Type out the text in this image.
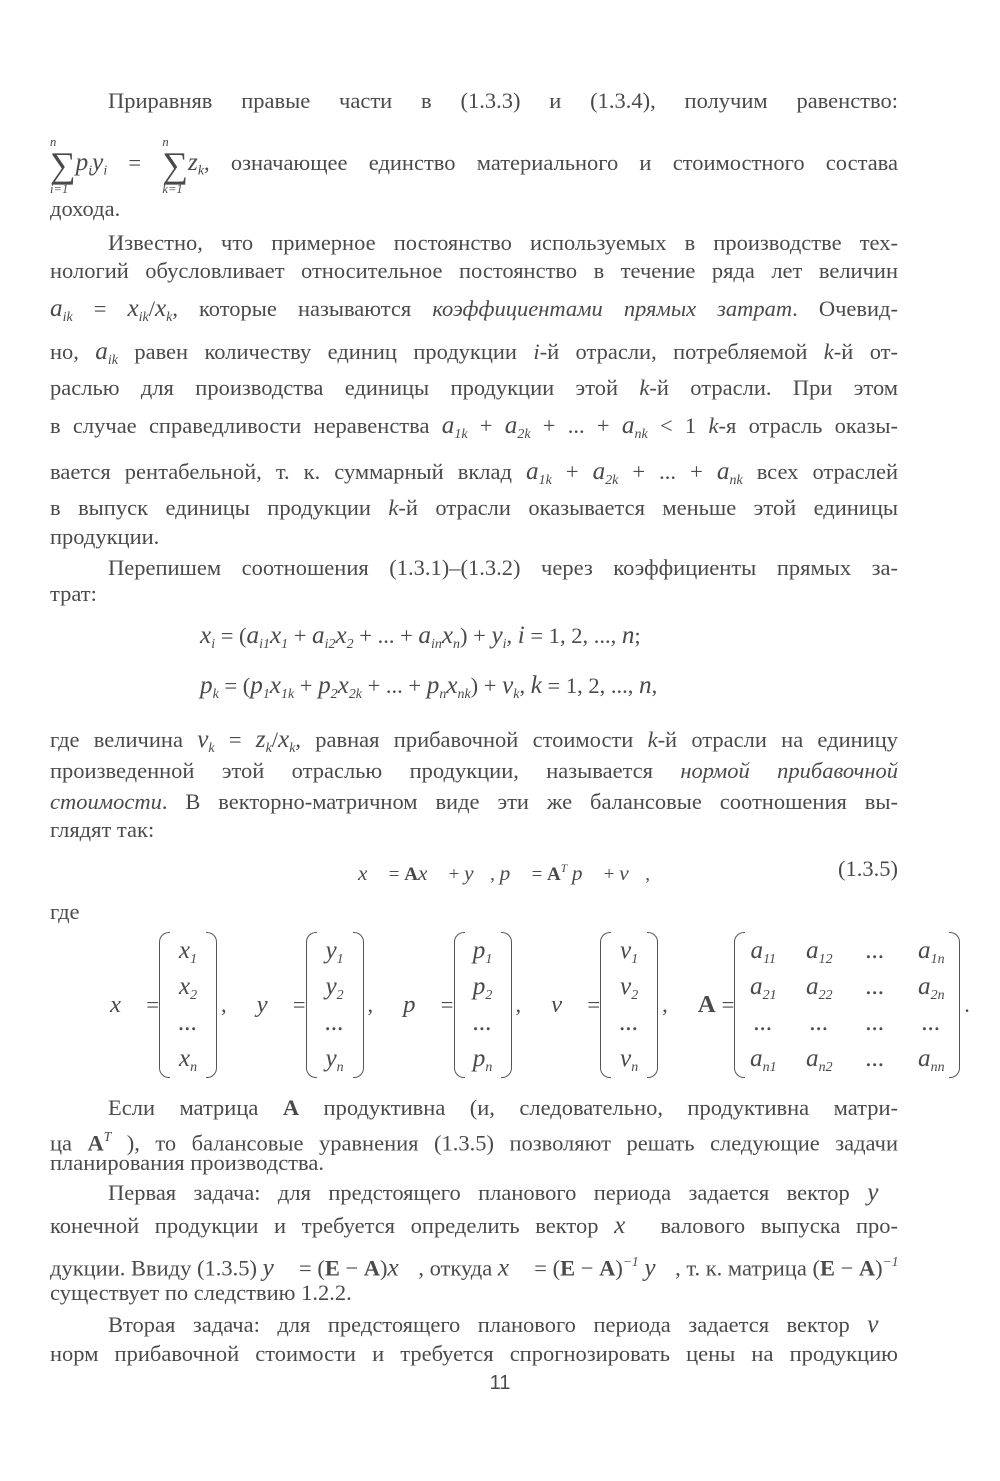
Приравняв правые части в (1.3.3) и (1.3.4), получим равенство:
∑
n
i=1
$p_iy_i$ = ∑
n
k=1
$z_k$, означающее единство материального и стоимостного состава
дохода.
Известно, что примерное постоянство используемых в производстве тех-
нологий обусловливает относительное постоянство в течение ряда лет величин
$a_{ik} = x_{ik}/x_k$, которые называются коэффициентами прямых затрат. Очевид-
но, $a_{ik}$ равен количеству единиц продукции i-й отрасли, потребляемой k-й от-
раслью для производства единицы продукции этой k-й отрасли. При этом
в случае справедливости неравенства $a_{1k} + a_{2k}$ + ... + $a_{nk} < 1$ k-я отрасль оказы-
вается рентабельной, т. к. суммарный вклад $a_{1k} + a_{2k}$ + ... + $a_{nk}$ всех отраслей
в выпуск единицы продукции k-й отрасли оказывается меньше этой единицы
продукции.
Перепишем соотношения (1.3.1)–(1.3.2) через коэффициенты прямых за-
трат:
где величина $v_k = z_k/x_k$, равная прибавочной стоимости k-й отрасли на единицу
произведенной этой отраслью продукции, называется нормой прибавочной
стоимости. В векторно-матричном виде эти же балансовые соотношения вы-
глядят так:
где
Если матрица A продуктивна (и, следовательно, продуктивна матри-
ца $A^T$ ), то балансовые уравнения (1.3.5) позволяют решать следующие задачи
планирования производства.
Первая задача: для предстоящего планового периода задается вектор y⃗
конечной продукции и требуется определить вектор x⃗ валового выпуска про-
дукции. Ввиду (1.3.5) y⃗ = (E − A)x⃗, откуда x⃗ = $(E - A)^{-1}$ y⃗, т. к. матрица $(E - A)^{-1}$
существует по следствию 1.2.2.
Вторая задача: для предстоящего планового периода задается вектор v⃗
норм прибавочной стоимости и требуется спрогнозировать цены на продукцию
$x_i = (a_{i1}x_1 + a_{i2}x_2$ + ... + $a_{in}x_n) + y_i$, i = 1, 2, ..., n;
$p_k = (p_1x_{1k} + p_2x_{2k}$ + ... + $p_nx_{nk}) + v_k$, k = 1, 2, ..., n,
x⃗ = Ax⃗ + y⃗, p⃗ = $A^T$ p⃗ + v⃗,	(1.3.5)
x⃗ =
$x_1$
$x_2$
...
$x_n$
, y⃗ =
$y_1$
$y_2$
...
$y_n$
, p⃗ =
$p_1$
$p_2$
...
$p_n$
, v⃗ =
$v_1$
$v_2$
...
$v_n$
, A =
$a_{11}$ $a_{12}$ ... $a_{1n}$
$a_{21}$ $a_{22}$ ... $a_{2n}$
... ... ... ...
$a_{n1}$ $a_{n2}$ ... $a_{nn}$
.
11
